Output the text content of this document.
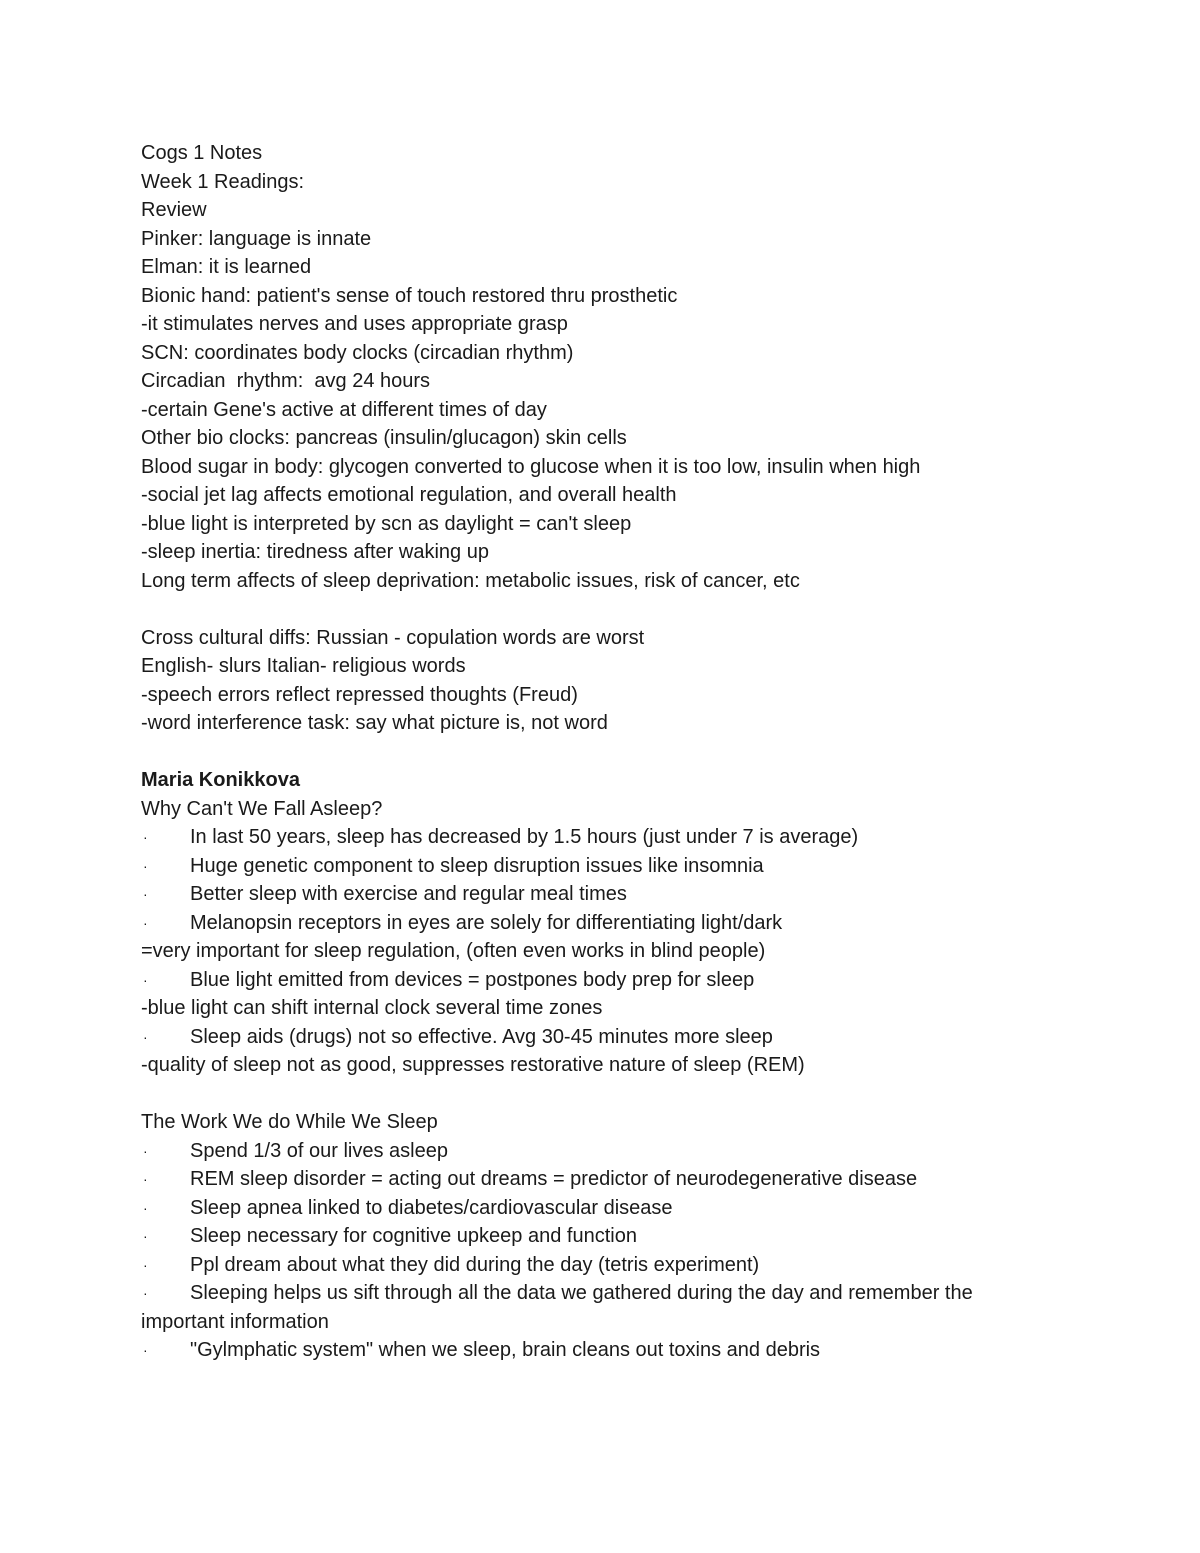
Cogs 1 Notes
Week 1 Readings:
Review
Pinker: language is innate
Elman: it is learned
Bionic hand: patient's sense of touch restored thru prosthetic
-it stimulates nerves and uses appropriate grasp
SCN: coordinates body clocks (circadian rhythm)
Circadian  rhythm:  avg 24 hours
-certain Gene's active at different times of day
Other bio clocks: pancreas (insulin/glucagon) skin cells
Blood sugar in body: glycogen converted to glucose when it is too low, insulin when high
-social jet lag affects emotional regulation, and overall health
-blue light is interpreted by scn as daylight = can't sleep
-sleep inertia: tiredness after waking up
Long term affects of sleep deprivation: metabolic issues, risk of cancer, etc
Cross cultural diffs: Russian - copulation words are worst
English- slurs Italian- religious words
-speech errors reflect repressed thoughts (Freud)
-word interference task: say what picture is, not word
Maria Konikkova
Why Can't We Fall Asleep?
·	In last 50 years, sleep has decreased by 1.5 hours (just under 7 is average)
·	Huge genetic component to sleep disruption issues like insomnia
·	Better sleep with exercise and regular meal times
·	Melanopsin receptors in eyes are solely for differentiating light/dark
=very important for sleep regulation, (often even works in blind people)
·	Blue light emitted from devices = postpones body prep for sleep
-blue light can shift internal clock several time zones
·	Sleep aids (drugs) not so effective. Avg 30-45 minutes more sleep
-quality of sleep not as good, suppresses restorative nature of sleep (REM)
The Work We do While We Sleep
·	Spend 1/3 of our lives asleep
·	REM sleep disorder = acting out dreams = predictor of neurodegenerative disease
·	Sleep apnea linked to diabetes/cardiovascular disease
·	Sleep necessary for cognitive upkeep and function
·	Ppl dream about what they did during the day (tetris experiment)
·	Sleeping helps us sift through all the data we gathered during the day and remember the
important information
·	"Gylmphatic system" when we sleep, brain cleans out toxins and debris
